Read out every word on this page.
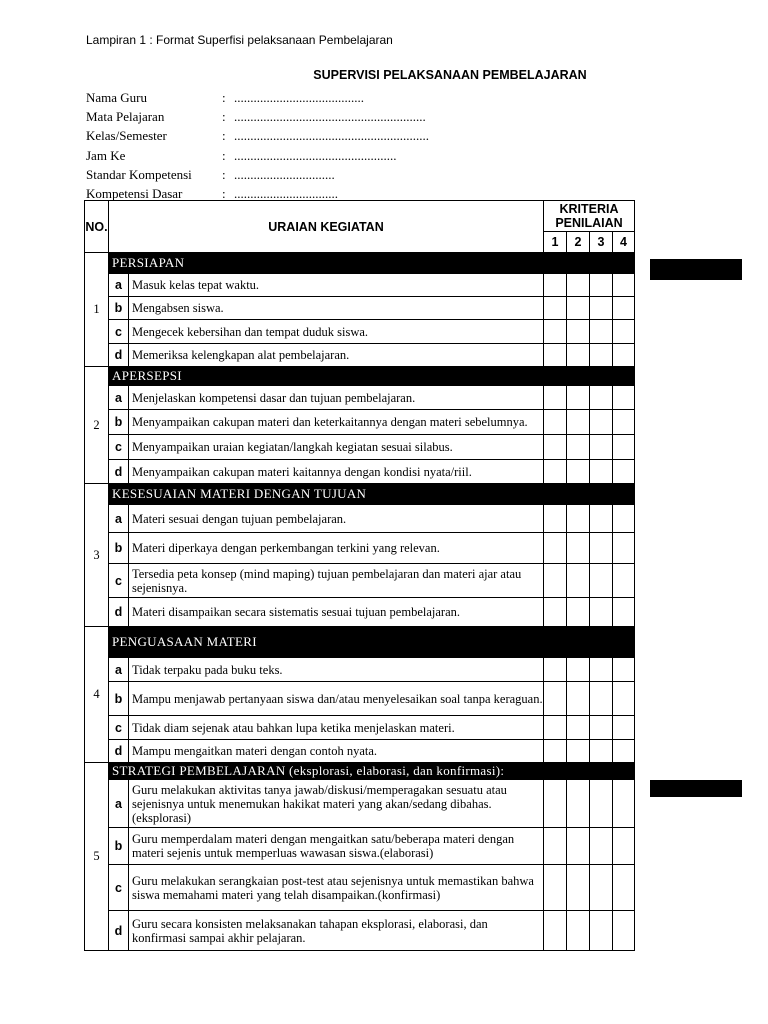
Lampiran 1 : Format Superfisi pelaksanaan Pembelajaran
SUPERVISI PELAKSANAAN PEMBELAJARAN
Nama Guru	: ........................................
Mata Pelajaran	: ...........................................................
Kelas/Semester	: ............................................................
Jam Ke	: ..................................................
Standar Kompetensi	: ...............................
Kompetensi Dasar	: ................................
NO.	URAIAN KEGIATAN		KRITERIA PENILAIAN			
			1	2	3	4
1	PERSIAPAN					
	a	Masuk kelas tepat waktu.				
	b	Mengabsen siswa.				
	c	Mengecek kebersihan dan tempat duduk siswa.				
	d	Memeriksa kelengkapan alat pembelajaran.				
2	APERSEPSI					
	a	Menjelaskan kompetensi dasar dan tujuan pembelajaran.				
	b	Menyampaikan cakupan materi dan keterkaitannya dengan materi sebelumnya.				
	c	Menyampaikan uraian kegiatan/langkah kegiatan sesuai silabus.				
	d	Menyampaikan cakupan materi kaitannya dengan kondisi nyata/riil.				
3	KESESUAIAN MATERI DENGAN TUJUAN					
	a	Materi sesuai dengan tujuan pembelajaran.				
	b	Materi diperkaya dengan perkembangan terkini yang relevan.				
	c	Tersedia peta konsep (mind maping) tujuan pembelajaran dan materi ajar atau sejenisnya.				
	d	Materi disampaikan secara sistematis sesuai tujuan pembelajaran.				
4	PENGUASAAN MATERI					
	a	Tidak terpaku pada buku teks.				
	b	Mampu menjawab pertanyaan siswa dan/atau menyelesaikan soal tanpa keraguan.				
	c	Tidak diam sejenak atau bahkan lupa ketika menjelaskan materi.				
	d	Mampu mengaitkan materi dengan contoh nyata.				
5	STRATEGI PEMBELAJARAN (eksplorasi, elaborasi, dan konfirmasi):					
	a	Guru melakukan aktivitas tanya jawab/diskusi/memperagakan sesuatu atau sejenisnya untuk menemukan hakikat materi yang akan/sedang dibahas. (eksplorasi)				
	b	Guru memperdalam materi dengan mengaitkan satu/beberapa materi dengan materi sejenis untuk memperluas wawasan siswa.(elaborasi)				
	c	Guru melakukan serangkaian post-test atau sejenisnya untuk memastikan bahwa siswa memahami materi yang telah disampaikan.(konfirmasi)				
	d	Guru secara konsisten melaksanakan tahapan eksplorasi, elaborasi, dan konfirmasi sampai akhir pelajaran.				
